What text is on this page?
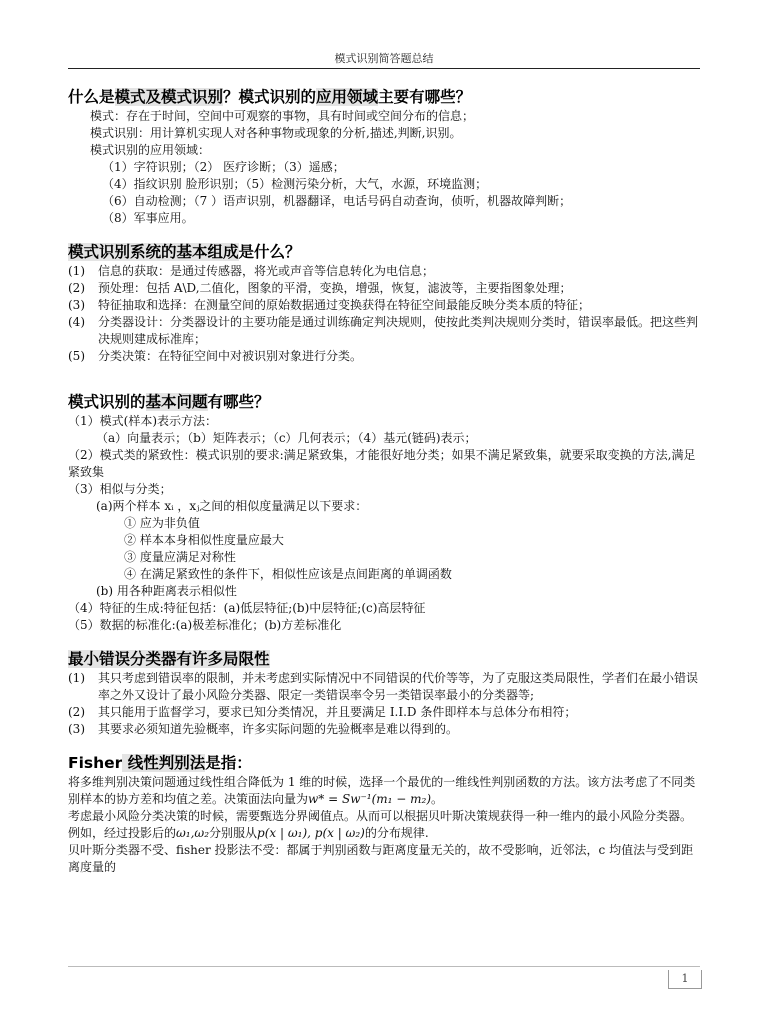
模式识别简答题总结
什么是模式及模式识别？模式识别的应用领域主要有哪些？

模式：存在于时间，空间中可观察的事物，具有时间或空间分布的信息；

模式识别：用计算机实现人对各种事物或现象的分析,描述,判断,识别。

模式识别的应用领域：

（1）字符识别；（2） 医疗诊断；（3）遥感；

（4）指纹识别 脸形识别；（5）检测污染分析，大气，水源，环境监测；

（6）自动检测；（7 ）语声识别，机器翻译，电话号码自动查询，侦听，机器故障判断；

（8）军事应用。

模式识别系统的基本组成是什么？
(1)	信息的获取：是通过传感器，将光或声音等信息转化为电信息；
(2)	预处理：包括 A\D,二值化，图象的平滑，变换，增强，恢复，滤波等，主要指图象处理；
(3)	特征抽取和选择：在测量空间的原始数据通过变换获得在特征空间最能反映分类本质的特征；
(4)	分类器设计：分类器设计的主要功能是通过训练确定判决规则，使按此类判决规则分类时，错误率最低。把这些判决规则建成标准库；
(5)	分类决策：在特征空间中对被识别对象进行分类。
模式识别的基本问题有哪些？

（1）模式(样本)表示方法：

（a）向量表示；（b）矩阵表示；（c）几何表示；（4）基元(链码)表示；

（2）模式类的紧致性：模式识别的要求:满足紧致集，才能很好地分类；如果不满足紧致集，就要采取变换的方法,满足紧致集

（3）相似与分类；

(a)两个样本 xᵢ ，xⱼ之间的相似度量满足以下要求：

① 应为非负值

② 样本本身相似性度量应最大

③ 度量应满足对称性

④ 在满足紧致性的条件下，相似性应该是点间距离的单调函数

(b) 用各种距离表示相似性

（4）特征的生成:特征包括：(a)低层特征;(b)中层特征;(c)高层特征

（5）数据的标准化:(a)极差标准化；(b)方差标准化

最小错误分类器有许多局限性
(1)	其只考虑到错误率的限制，并未考虑到实际情况中不同错误的代价等等，为了克服这类局限性，学者们在最小错误率之外又设计了最小风险分类器、限定一类错误率令另一类错误率最小的分类器等;
(2)	其只能用于监督学习，要求已知分类情况，并且要满足 I.I.D 条件即样本与总体分布相符；
(3)	其要求必须知道先验概率，许多实际问题的先验概率是难以得到的。
Fisher 线性判别法是指：

将多维判别决策问题通过线性组合降低为 1 维的时候，选择一个最优的一维线性判别函数的方法。该方法考虑了不同类别样本的协方差和均值之差。决策面法向量为w* = Sw⁻¹(m₁ − m₂)。

考虑最小风险分类决策的时候，需要甄选分界阈值点。从而可以根据贝叶斯决策规获得一种一维内的最小风险分类器。例如，经过投影后的ω₁,ω₂分别服从p(x | ω₁), p(x | ω₂)的分布规律.

贝叶斯分类器不受、fisher 投影法不受：都属于判别函数与距离度量无关的，故不受影响，近邻法，c 均值法与受到距离度量的

1
